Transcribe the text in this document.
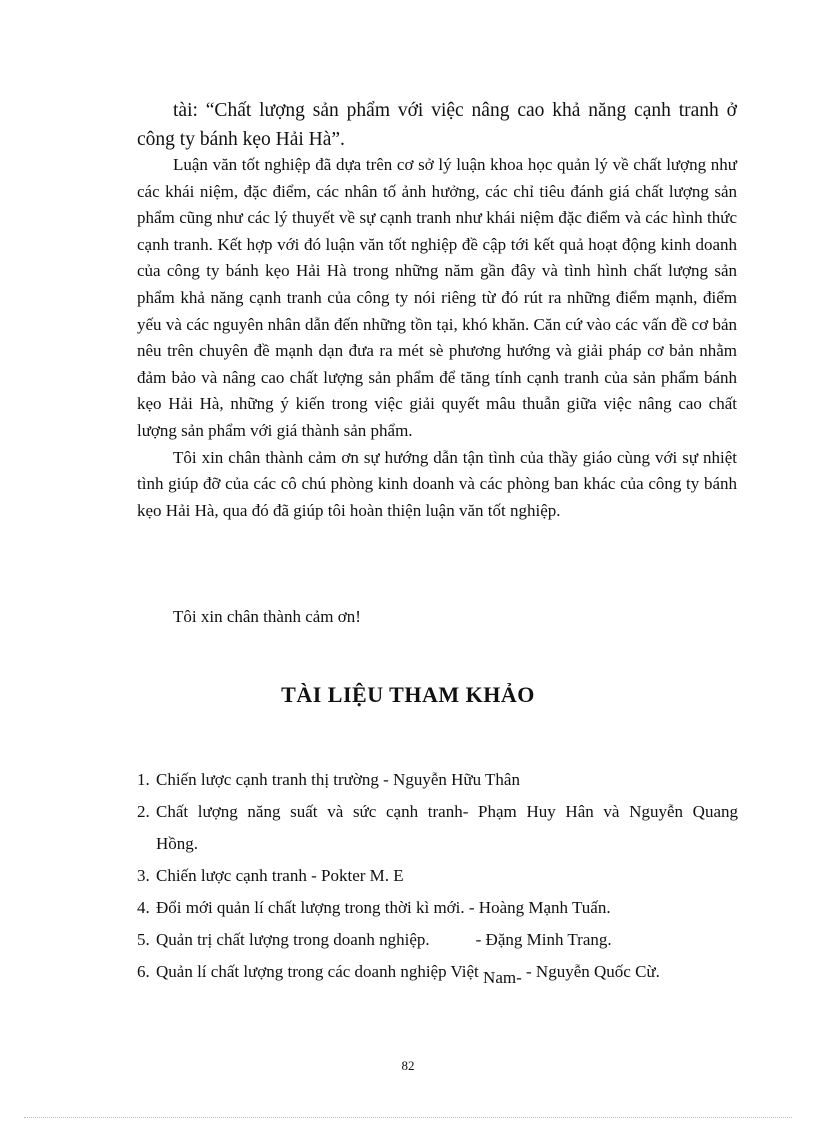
tài: “Chất lượng sản phẩm với việc nâng cao khả năng cạnh tranh ở công ty bánh kẹo Hải Hà”.

Luận văn tốt nghiệp đã dựa trên cơ sở lý luận khoa học quản lý về chất lượng như các khái niệm, đặc điểm, các nhân tố ảnh hưởng, các chỉ tiêu đánh giá chất lượng sản phẩm cũng như các lý thuyết về sự cạnh tranh như khái niệm đặc điểm và các hình thức cạnh tranh. Kết hợp với đó luận văn tốt nghiệp đề cập tới kết quả hoạt động kinh doanh của công ty bánh kẹo Hải Hà trong những năm gần đây và tình hình chất lượng sản phẩm khả năng cạnh tranh của công ty nói riêng từ đó rút ra những điểm mạnh, điểm yếu và các nguyên nhân dẫn đến những tồn tại, khó khăn. Căn cứ vào các vấn đề cơ bản nêu trên chuyên đề mạnh dạn đưa ra mét sè phương hướng và giải pháp cơ bản nhằm đảm bảo và nâng cao chất lượng sản phẩm để tăng tính cạnh tranh của sản phẩm bánh kẹo Hải Hà, những ý kiến trong việc giải quyết mâu thuẫn giữa việc nâng cao chất lượng sản phẩm với giá thành sản phẩm.

Tôi xin chân thành cảm ơn sự hướng dẫn tận tình của thầy giáo cùng với sự nhiệt tình giúp đỡ của các cô chú phòng kinh doanh và các phòng ban khác của công ty bánh kẹo Hải Hà, qua đó đã giúp tôi hoàn thiện luận văn tốt nghiệp.

Tôi xin chân thành cảm ơn!
TÀI LIỆU THAM KHẢO
1. Chiến lược cạnh tranh thị trường - Nguyễn Hữu Thân
2. Chất lượng năng suất và sức cạnh tranh- Phạm Huy Hân và Nguyễn Quang
Hồng.
3. Chiến lược cạnh tranh - Pokter M. E
4. Đổi mới quản lí chất lượng trong thời kì mới. - Hoàng Mạnh Tuấn.
5. Quản trị chất lượng trong doanh nghiệp.	- Đặng Minh Trang.
6. Quản lí chất lượng trong các doanh nghiệp Việt Nam- - Nguyễn Quốc Cừ.
82
